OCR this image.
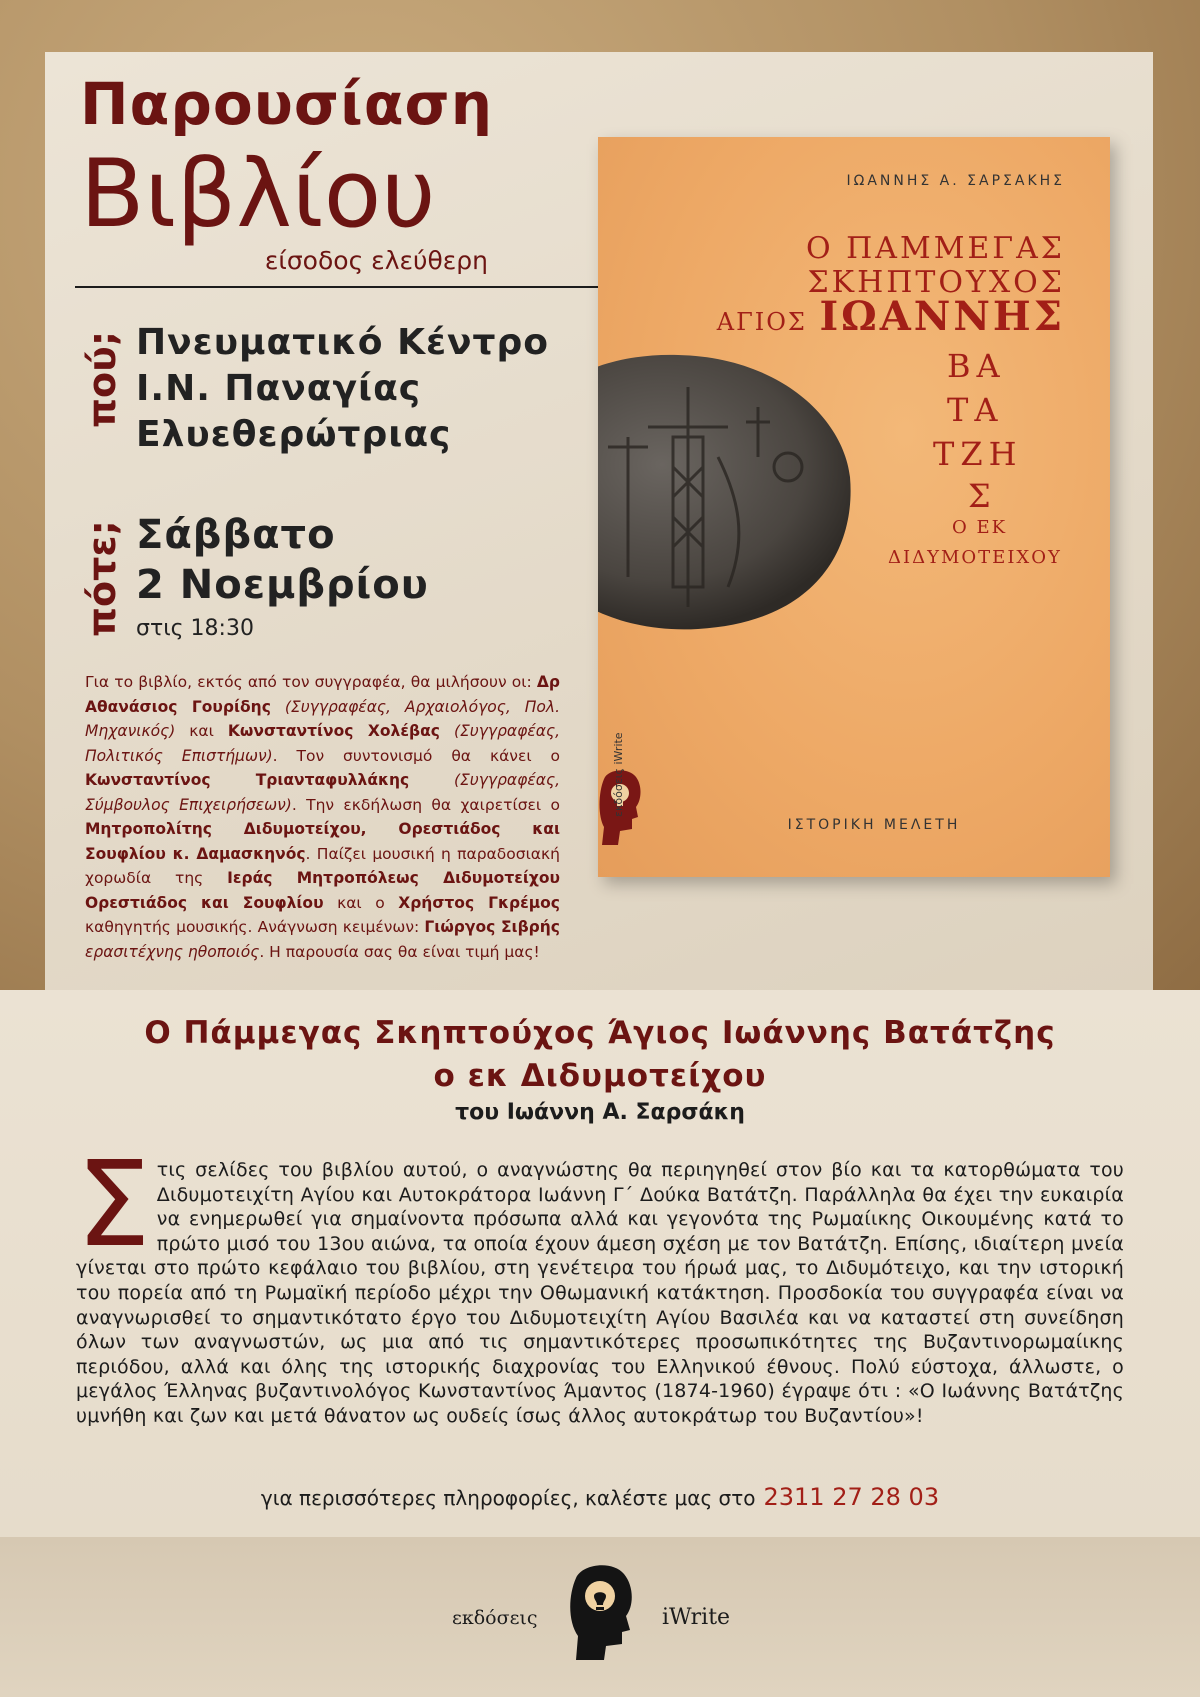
Παρουσίαση
Βιβλίου
είσοδος ελεύθερη
πού; Πνευματικό Κέντρο
Ι.Ν. Παναγίας
Ελυεθερώτριας

πότε; Σάββατο
2 Νοεμβρίου

στις 18:30

Για το βιβλίο, εκτός από τον συγγραφέα, θα μιλήσουν οι: Δρ Αθανάσιος Γουρίδης (Συγγραφέας, Αρχαιολόγος, Πολ. Μηχανικός) και Κωνσταντίνος Χολέβας (Συγγραφέας, Πολιτικός Επιστήμων). Τον συντονισμό θα κάνει ο Κωνσταντίνος Τριανταφυλλάκης	(Συγγραφέας, Σύμβουλος Επιχειρήσεων). Την εκδήλωση θα χαιρετίσει ο Μητροπολίτης Διδυμοτείχου, Ορεστιάδος και Σουφλίου κ. Δαμασκηνός. Παίζει μουσική η παραδοσιακή χορωδία της Ιεράς Μητροπόλεως Διδυμοτείχου Ορεστιάδος και Σουφλίου και ο Χρήστος Γκρέμος καθηγητής μουσικής. Ανάγνωση κειμένων: Γιώργος Σιβρής ερασιτέχνης ηθοποιός. Η παρουσία σας θα είναι τιμή μας!

ΙΩΑΝΝΗΣ Α. ΣΑΡΣΑΚΗΣ
Ο ΠΑΜΜΕΓΑΣ
ΣΚΗΠΤΟΥΧΟΣ
ΑΓΙΟΣ ΙΩΑΝΝΗΣ
ΒΑ
ΤΑ
ΤΖΗ
Σ
Ο ΕΚ
ΔΙΔΥΜΟΤΕΙΧΟΥ
εκδόσεις iWrite
ΙΣΤΟΡΙΚΗ ΜΕΛΕΤΗ
Ο Πάμμεγας Σκηπτούχος Άγιος Ιωάννης Βατάτζης
ο εκ Διδυμοτείχου
του Ιωάννη Α. Σαρσάκη

Στις σελίδες του βιβλίου αυτού, ο αναγνώστης θα περιηγηθεί στον βίο και τα κατορθώματα του Διδυμοτειχίτη Αγίου και Αυτοκράτορα Ιωάννη Γ΄ Δούκα Βατάτζη. Παράλληλα θα έχει την ευκαιρία να ενημερωθεί για σημαίνοντα πρόσωπα αλλά και γεγονότα της Ρωμαίικης Οικουμένης κατά το πρώτο μισό του 13ου αιώνα, τα οποία έχουν άμεση σχέση με τον Βατάτζη. Επίσης, ιδιαίτερη μνεία γίνεται στο πρώτο κεφάλαιο του βιβλίου, στη γενέτειρα του ήρωά μας, το Διδυμότειχο, και την ιστορική του πορεία από τη Ρωμαϊκή περίοδο μέχρι την Οθωμανική κατάκτηση. Προσδοκία του συγγραφέα είναι να αναγνωρισθεί το σημαντικότατο έργο του Διδυμοτειχίτη Αγίου Βασιλέα και να καταστεί στη συνείδηση όλων των αναγνωστών, ως μια από τις σημαντικότερες προσωπικότητες της Βυζαντινορωμαίικης περιόδου, αλλά και όλης της ιστορικής διαχρονίας του Ελληνικού έθνους. Πολύ εύστοχα, άλλωστε, ο μεγάλος Έλληνας βυζαντινολόγος Κωνσταντίνος Άμαντος (1874-1960) έγραψε ότι : «Ο Ιωάννης Βατάτζης υμνήθη και ζων και μετά θάνατον ως ουδείς ίσως άλλος αυτοκράτωρ του Βυζαντίου»!

για περισσότερες πληροφορίες, καλέστε μας στο 2311 27 28 03
εκδόσεις	iWrite
